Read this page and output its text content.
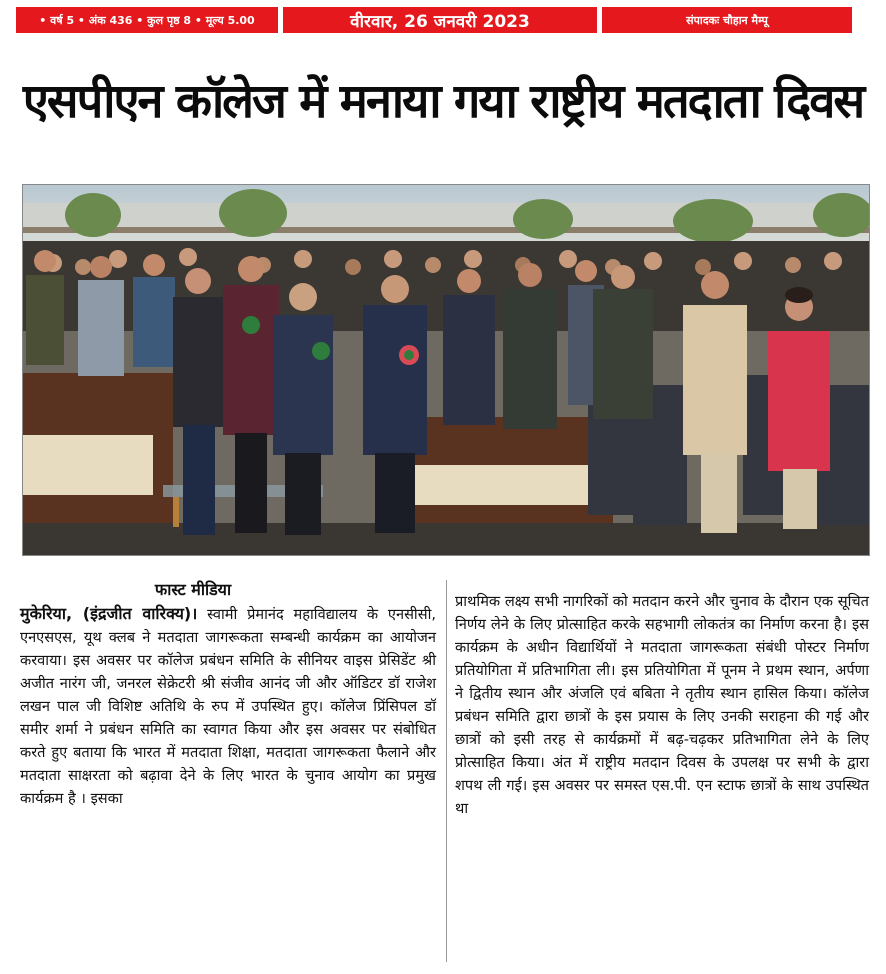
• वर्ष 5 • अंक 436 • कुल पृष्ठ 8 • मूल्य 5.00	वीरवार, 26 जनवरी 2023	संपादकः चौहान मैम्पू
एसपीएन कॉलेज में मनाया गया राष्ट्रीय मतदाता दिवस
फास्ट मीडिया
मुकेरिया, (इंद्रजीत वारिक्य)। स्वामी प्रेमानंद महाविद्यालय के एनसीसी, एनएसएस, यूथ क्लब ने मतदाता जागरूकता सम्बन्धी कार्यक्रम का आयोजन करवाया। इस अवसर पर कॉलेज प्रबंधन समिति के सीनियर वाइस प्रेसिडेंट श्री अजीत नारंग जी, जनरल सेक्रेटरी श्री संजीव आनंद जी और ऑडिटर डॉ राजेश लखन पाल जी विशिष्ट अतिथि के रुप में उपस्थित हुए। कॉलेज प्रिंसिपल डॉ समीर शर्मा ने प्रबंधन समिति का स्वागत किया और इस अवसर पर संबोधित करते हुए बताया कि भारत में मतदाता शिक्षा, मतदाता जागरूकता फैलाने और मतदाता साक्षरता को बढ़ावा देने के लिए भारत के चुनाव आयोग का प्रमुख कार्यक्रम है । इसका
प्राथमिक लक्ष्य सभी नागरिकों को मतदान करने और चुनाव के दौरान एक सूचित निर्णय लेने के लिए प्रोत्साहित करके सहभागी लोकतंत्र का निर्माण करना है। इस कार्यक्रम के अधीन विद्यार्थियों ने मतदाता जागरूकता संबंधी पोस्टर निर्माण प्रतियोगिता में प्रतिभागिता ली। इस प्रतियोगिता में पूनम ने प्रथम स्थान, अर्पणा ने द्वितीय स्थान और अंजलि एवं बबिता ने तृतीय स्थान हासिल किया। कॉलेज प्रबंधन समिति द्वारा छात्रों के इस प्रयास के लिए उनकी सराहना की गई और छात्रों को इसी तरह से कार्यक्रमों में बढ़-चढ़कर प्रतिभागिता लेने के लिए प्रोत्साहित किया। अंत में राष्ट्रीय मतदान दिवस के उपलक्ष पर सभी के द्वारा शपथ ली गई। इस अवसर पर समस्त एस.पी. एन स्टाफ छात्रों के साथ उपस्थित था
